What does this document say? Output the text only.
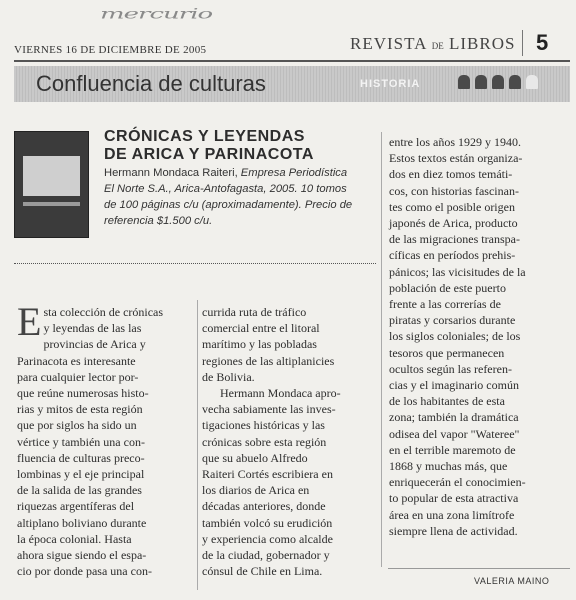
mercurio
VIERNES 16 DE DICIEMBRE DE 2005	REVISTA DE LIBROS 5
Confluencia de culturas	HISTORIA
CRÓNICAS Y LEYENDAS
DE ARICA Y PARINACOTA
Hermann Mondaca Raiteri, Empresa Periodística
El Norte S.A., Arica-Antofagasta, 2005. 10 tomos
de 100 páginas c/u (aproximadamente). Precio de
referencia $1.500 c/u.
E sta colección de crónicas
y leyendas de las las
provincias de Arica y
Parinacota es interesante
para cualquier lector por-
que reúne numerosas histo-
rias y mitos de esta región
que por siglos ha sido un
vértice y también una con-
fluencia de culturas preco-
lombinas y el eje principal
de la salida de las grandes
riquezas argentíferas del
altiplano boliviano durante
la época colonial. Hasta
ahora sigue siendo el espa-
cio por donde pasa una con-
currida ruta de tráfico
comercial entre el litoral
marítimo y las pobladas
regiones de las altiplanicies
de Bolivia.
Hermann Mondaca apro-
vecha sabiamente las inves-
tigaciones históricas y las
crónicas sobre esta región
que su abuelo Alfredo
Raiteri Cortés escribiera en
los diarios de Arica en
décadas anteriores, donde
también volcó su erudición
y experiencia como alcalde
de la ciudad, gobernador y
cónsul de Chile en Lima.
entre los años 1929 y 1940.
Estos textos están organiza-
dos en diez tomos temáti-
cos, con historias fascinan-
tes como el posible origen
japonés de Arica, producto
de las migraciones transpa-
cíficas en períodos prehis-
pánicos; las vicisitudes de la
población de este puerto
frente a las correrías de
piratas y corsarios durante
los siglos coloniales; de los
tesoros que permanecen
ocultos según las referen-
cias y el imaginario común
de los habitantes de esta
zona; también la dramática
odisea del vapor "Wateree"
en el terrible maremoto de
1868 y muchas más, que
enriquecerán el conocimien-
to popular de esta atractiva
área en una zona limítrofe
siempre llena de actividad.
VALERIA MAINO
